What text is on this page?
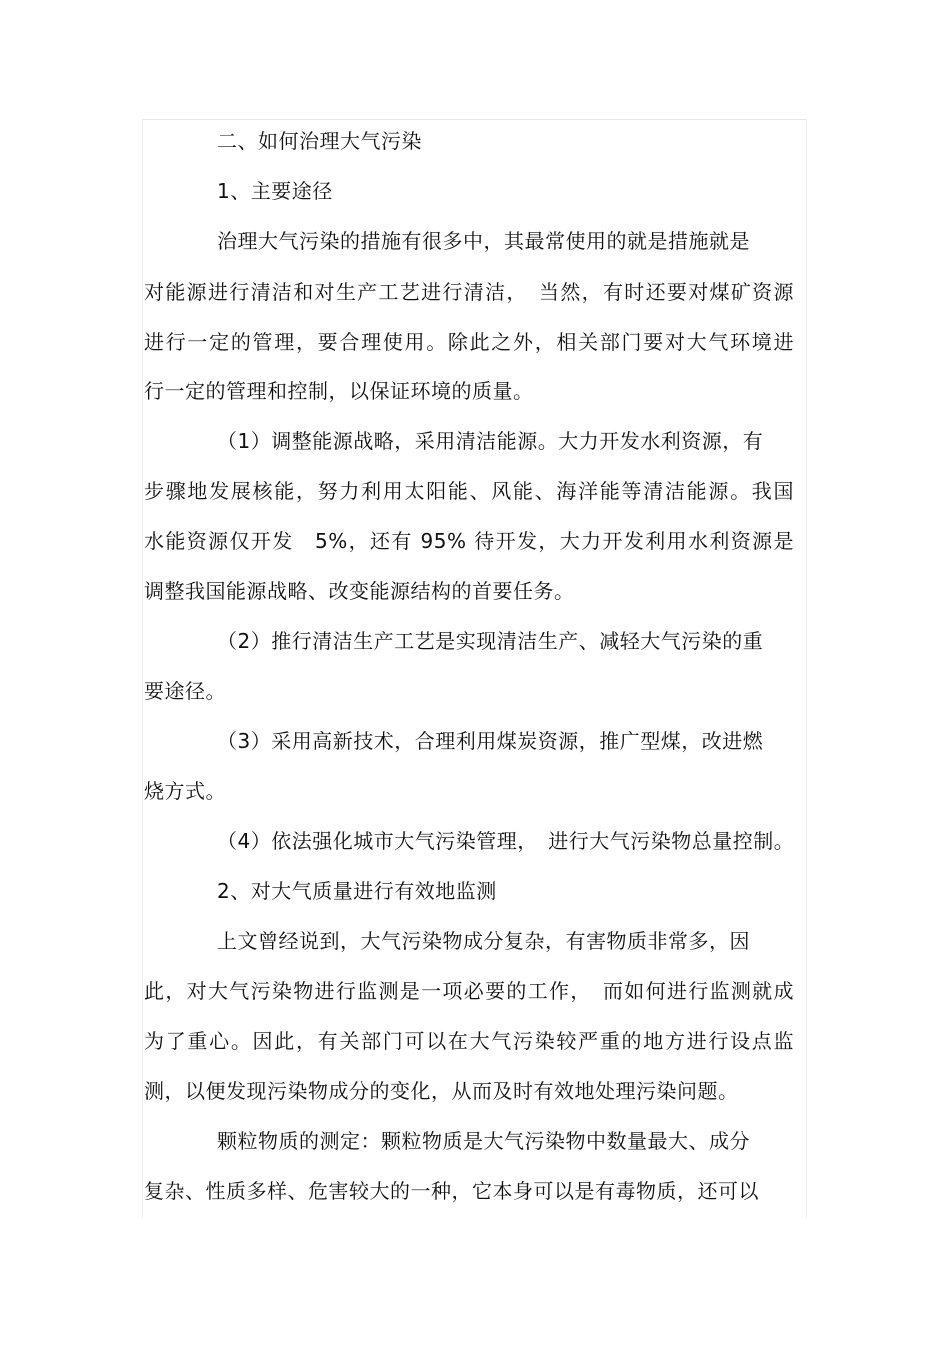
二、如何治理大气污染
1、主要途径
治理大气污染的措施有很多中，其最常使用的就是措施就是
对能源进行清洁和对生产工艺进行清洁，　当然，有时还要对煤矿资源
进行一定的管理，要合理使用。除此之外，相关部门要对大气环境进
行一定的管理和控制，以保证环境的质量。
（1）调整能源战略，采用清洁能源。大力开发水利资源，有
步骤地发展核能，努力利用太阳能、风能、海洋能等清洁能源。我国
水能资源仅开发　5%，还有 95% 待开发，大力开发利用水利资源是
调整我国能源战略、改变能源结构的首要任务。
（2）推行清洁生产工艺是实现清洁生产、减轻大气污染的重
要途径。
（3）采用高新技术，合理利用煤炭资源，推广型煤，改进燃
烧方式。
（4）依法强化城市大气污染管理，　进行大气污染物总量控制。
2、对大气质量进行有效地监测
上文曾经说到，大气污染物成分复杂，有害物质非常多，因
此，对大气污染物进行监测是一项必要的工作，　而如何进行监测就成
为了重心。因此，有关部门可以在大气污染较严重的地方进行设点监
测，以便发现污染物成分的变化，从而及时有效地处理污染问题。
颗粒物质的测定：颗粒物质是大气污染物中数量最大、成分
复杂、性质多样、危害较大的一种，它本身可以是有毒物质，还可以
